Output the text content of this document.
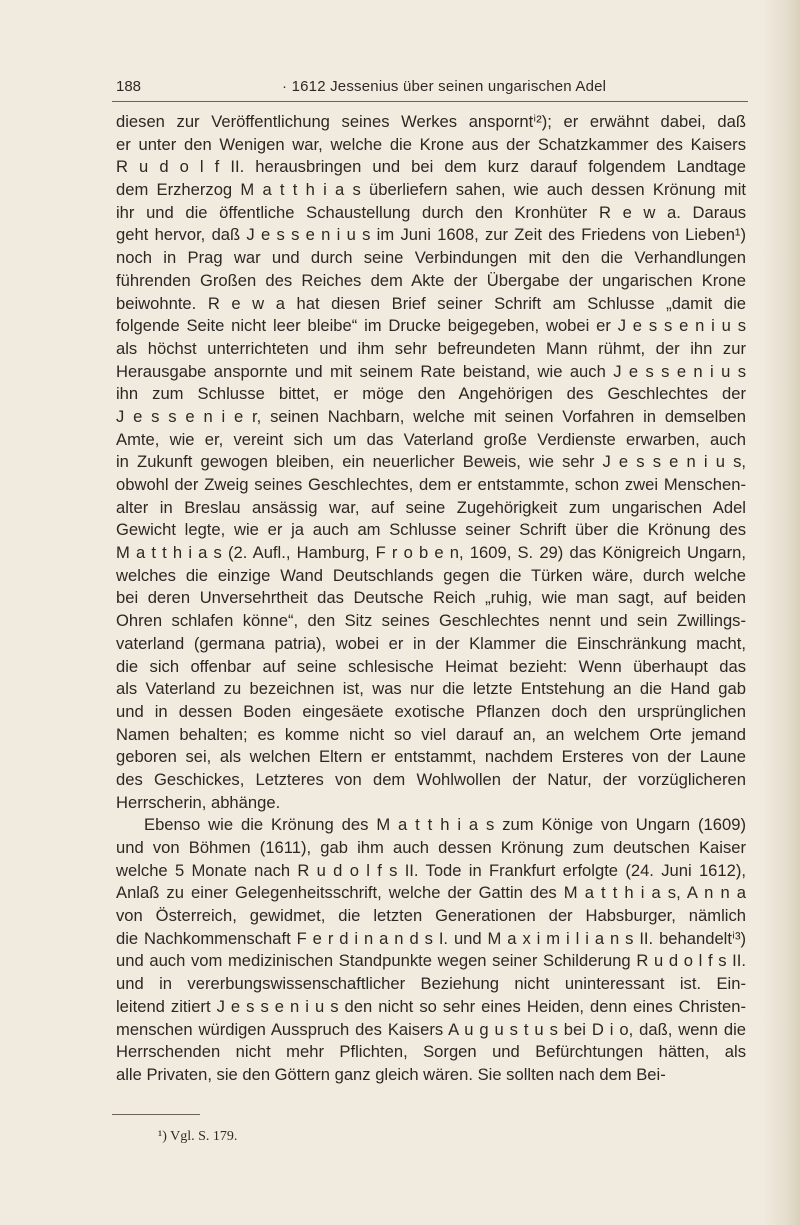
188	· 1612 Jessenius über seinen ungarischen Adel
diesen zur Veröffentlichung seines Werkes ansporntⁱ²); er erwähnt dabei, daß
er unter den Wenigen war, welche die Krone aus der Schatzkammer des Kaisers
R u d o l f II. herausbringen und bei dem kurz darauf folgendem Landtage
dem Erzherzog M a t t h i a s überliefern sahen, wie auch dessen Krönung mit
ihr und die öffentliche Schaustellung durch den Kronhüter R e w a. Daraus
geht hervor, daß J e s s e n i u s im Juni 1608, zur Zeit des Friedens von Lieben¹)
noch in Prag war und durch seine Verbindungen mit den die Verhandlungen
führenden Großen des Reiches dem Akte der Übergabe der ungarischen Krone
beiwohnte. R e w a hat diesen Brief seiner Schrift am Schlusse „damit die
folgende Seite nicht leer bleibe“ im Drucke beigegeben, wobei er J e s s e n i u s
als höchst unterrichteten und ihm sehr befreundeten Mann rühmt, der ihn zur
Herausgabe anspornte und mit seinem Rate beistand, wie auch J e s s e n i u s
ihn zum Schlusse bittet, er möge den Angehörigen des Geschlechtes der
J e s s e n i e r, seinen Nachbarn, welche mit seinen Vorfahren in demselben
Amte, wie er, vereint sich um das Vaterland große Verdienste erwarben, auch
in Zukunft gewogen bleiben, ein neuerlicher Beweis, wie sehr J e s s e n i u s,
obwohl der Zweig seines Geschlechtes, dem er entstammte, schon zwei Menschen-
alter in Breslau ansässig war, auf seine Zugehörigkeit zum ungarischen Adel
Gewicht legte, wie er ja auch am Schlusse seiner Schrift über die Krönung des
M a t t h i a s (2. Aufl., Hamburg, F r o b e n, 1609, S. 29) das Königreich Ungarn,
welches die einzige Wand Deutschlands gegen die Türken wäre, durch welche
bei deren Unversehrtheit das Deutsche Reich „ruhig, wie man sagt, auf beiden
Ohren schlafen könne“, den Sitz seines Geschlechtes nennt und sein Zwillings-
vaterland (germana patria), wobei er in der Klammer die Einschränkung macht,
die sich offenbar auf seine schlesische Heimat bezieht: Wenn überhaupt das
als Vaterland zu bezeichnen ist, was nur die letzte Entstehung an die Hand gab
und in dessen Boden eingesäete exotische Pflanzen doch den ursprünglichen
Namen behalten; es komme nicht so viel darauf an, an welchem Orte jemand
geboren sei, als welchen Eltern er entstammt, nachdem Ersteres von der Laune
des Geschickes, Letzteres von dem Wohlwollen der Natur, der vorzüglicheren
Herrscherin, abhänge.
Ebenso wie die Krönung des M a t t h i a s zum Könige von Ungarn (1609)
und von Böhmen (1611), gab ihm auch dessen Krönung zum deutschen Kaiser
welche 5 Monate nach R u d o l f s II. Tode in Frankfurt erfolgte (24. Juni 1612),
Anlaß zu einer Gelegenheitsschrift, welche der Gattin des M a t t h i a s, A n n a
von Österreich, gewidmet, die letzten Generationen der Habsburger, nämlich
die Nachkommenschaft F e r d i n a n d s I. und M a x i m i l i a n s II. behandeltⁱ³)
und auch vom medizinischen Standpunkte wegen seiner Schilderung R u d o l f s II.
und in vererbungswissenschaftlicher Beziehung nicht uninteressant ist. Ein-
leitend zitiert J e s s e n i u s den nicht so sehr eines Heiden, denn eines Christen-
menschen würdigen Ausspruch des Kaisers A u g u s t u s bei D i o, daß, wenn die
Herrschenden nicht mehr Pflichten, Sorgen und Befürchtungen hätten, als
alle Privaten, sie den Göttern ganz gleich wären. Sie sollten nach dem Bei-
¹) Vgl. S. 179.
